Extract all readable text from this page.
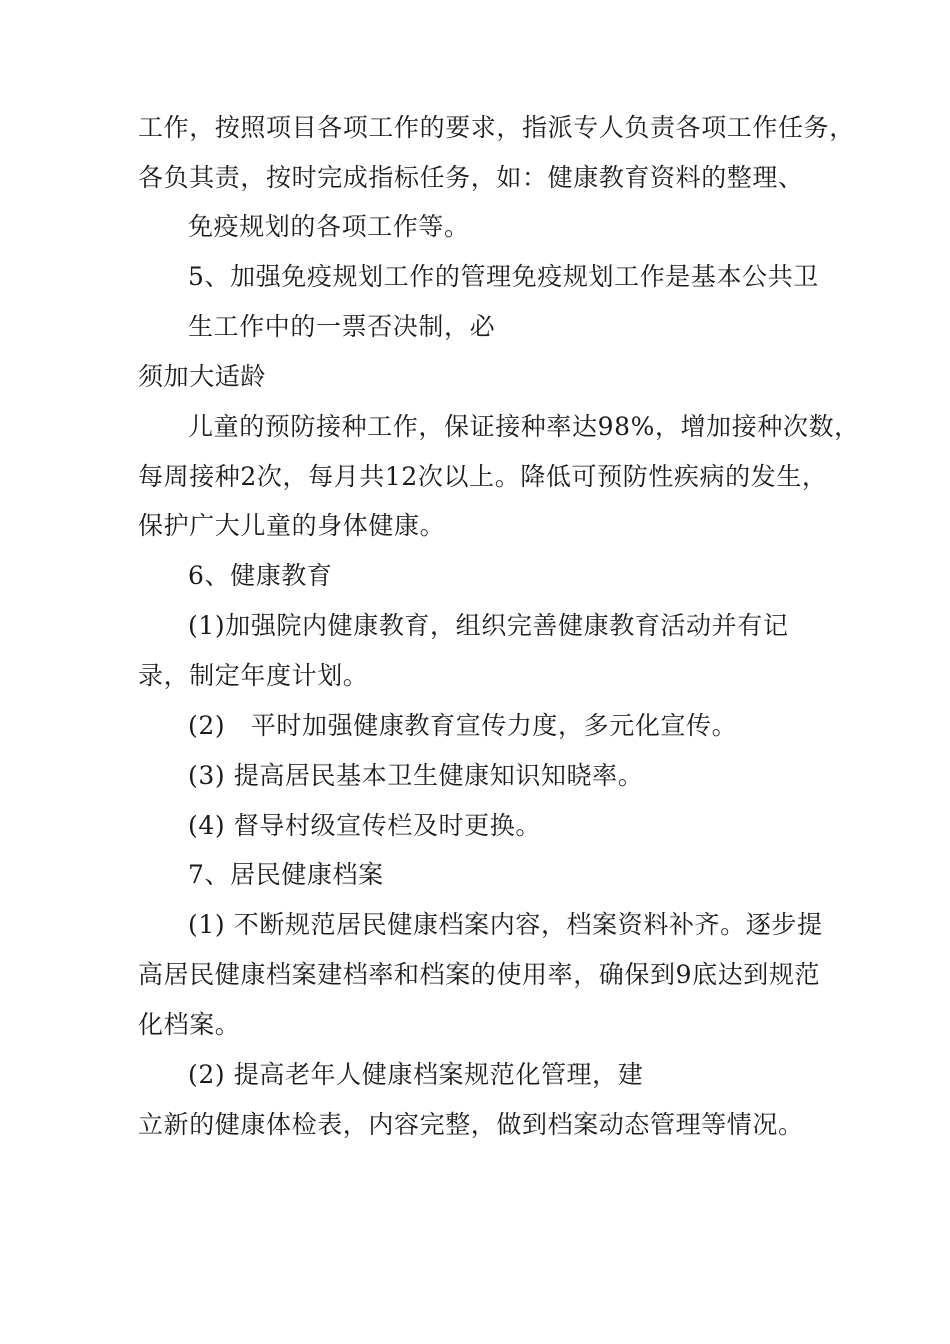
工作，按照项目各项工作的要求，指派专人负责各项工作任务，
各负其责，按时完成指标任务，如：健康教育资料的整理、
免疫规划的各项工作等。
5、加强免疫规划工作的管理免疫规划工作是基本公共卫
生工作中的一票否决制，必
须加大适龄
儿童的预防接种工作，保证接种率达98%，增加接种次数，
每周接种2次，每月共12次以上。降低可预防性疾病的发生，
保护广大儿童的身体健康。
6、健康教育
(1)加强院内健康教育，组织完善健康教育活动并有记
录，制定年度计划。
(2)　平时加强健康教育宣传力度，多元化宣传。
(3) 提高居民基本卫生健康知识知晓率。
(4) 督导村级宣传栏及时更换。
7、居民健康档案
(1) 不断规范居民健康档案内容，档案资料补齐。逐步提
高居民健康档案建档率和档案的使用率，确保到9底达到规范
化档案。
(2) 提高老年人健康档案规范化管理，建
立新的健康体检表，内容完整，做到档案动态管理等情况。
